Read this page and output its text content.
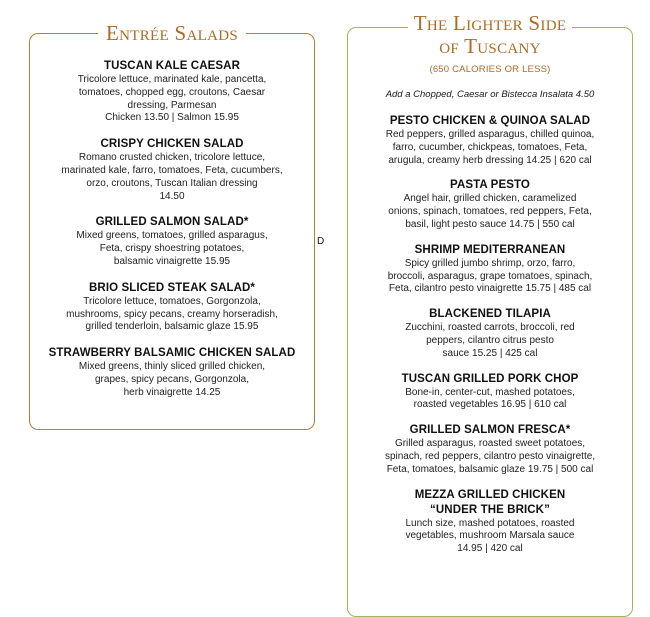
Entrée Salads
TUSCAN KALE CAESAR
Tricolore lettuce, marinated kale, pancetta,
tomatoes, chopped egg, croutons, Caesar
dressing, Parmesan
Chicken 13.50 | Salmon 15.95
CRISPY CHICKEN SALAD
Romano crusted chicken, tricolore lettuce,
marinated kale, farro, tomatoes, Feta, cucumbers,
orzo, croutons, Tuscan Italian dressing
14.50
GRILLED SALMON SALAD*
Mixed greens, tomatoes, grilled asparagus,
Feta, crispy shoestring potatoes,
balsamic vinaigrette 15.95
BRIO SLICED STEAK SALAD*
Tricolore lettuce, tomatoes, Gorgonzola,
mushrooms, spicy pecans, creamy horseradish,
grilled tenderloin, balsamic glaze 15.95
STRAWBERRY BALSAMIC CHICKEN SALAD
Mixed greens, thinly sliced grilled chicken,
grapes, spicy pecans, Gorgonzola,
herb vinaigrette 14.25
D
The Lighter Side
of Tuscany
(650 CALORIES OR LESS)
Add a Chopped, Caesar or Bistecca Insalata 4.50
PESTO CHICKEN & QUINOA SALAD
Red peppers, grilled asparagus, chilled quinoa,
farro, cucumber, chickpeas, tomatoes, Feta,
arugula, creamy herb dressing 14.25 | 620 cal
PASTA PESTO
Angel hair, grilled chicken, caramelized
onions, spinach, tomatoes, red peppers, Feta,
basil, light pesto sauce 14.75 | 550 cal
SHRIMP MEDITERRANEAN
Spicy grilled jumbo shrimp, orzo, farro,
broccoli, asparagus, grape tomatoes, spinach,
Feta, cilantro pesto vinaigrette 15.75 | 485 cal
BLACKENED TILAPIA
Zucchini, roasted carrots, broccoli, red
peppers, cilantro citrus pesto
sauce 15.25 | 425 cal
TUSCAN GRILLED PORK CHOP
Bone-in, center-cut, mashed potatoes,
roasted vegetables 16.95 | 610 cal
GRILLED SALMON FRESCA*
Grilled asparagus, roasted sweet potatoes,
spinach, red peppers, cilantro pesto vinaigrette,
Feta, tomatoes, balsamic glaze 19.75 | 500 cal
MEZZA GRILLED CHICKEN
“UNDER THE BRICK”
Lunch size, mashed potatoes, roasted
vegetables, mushroom Marsala sauce
14.95 | 420 cal
